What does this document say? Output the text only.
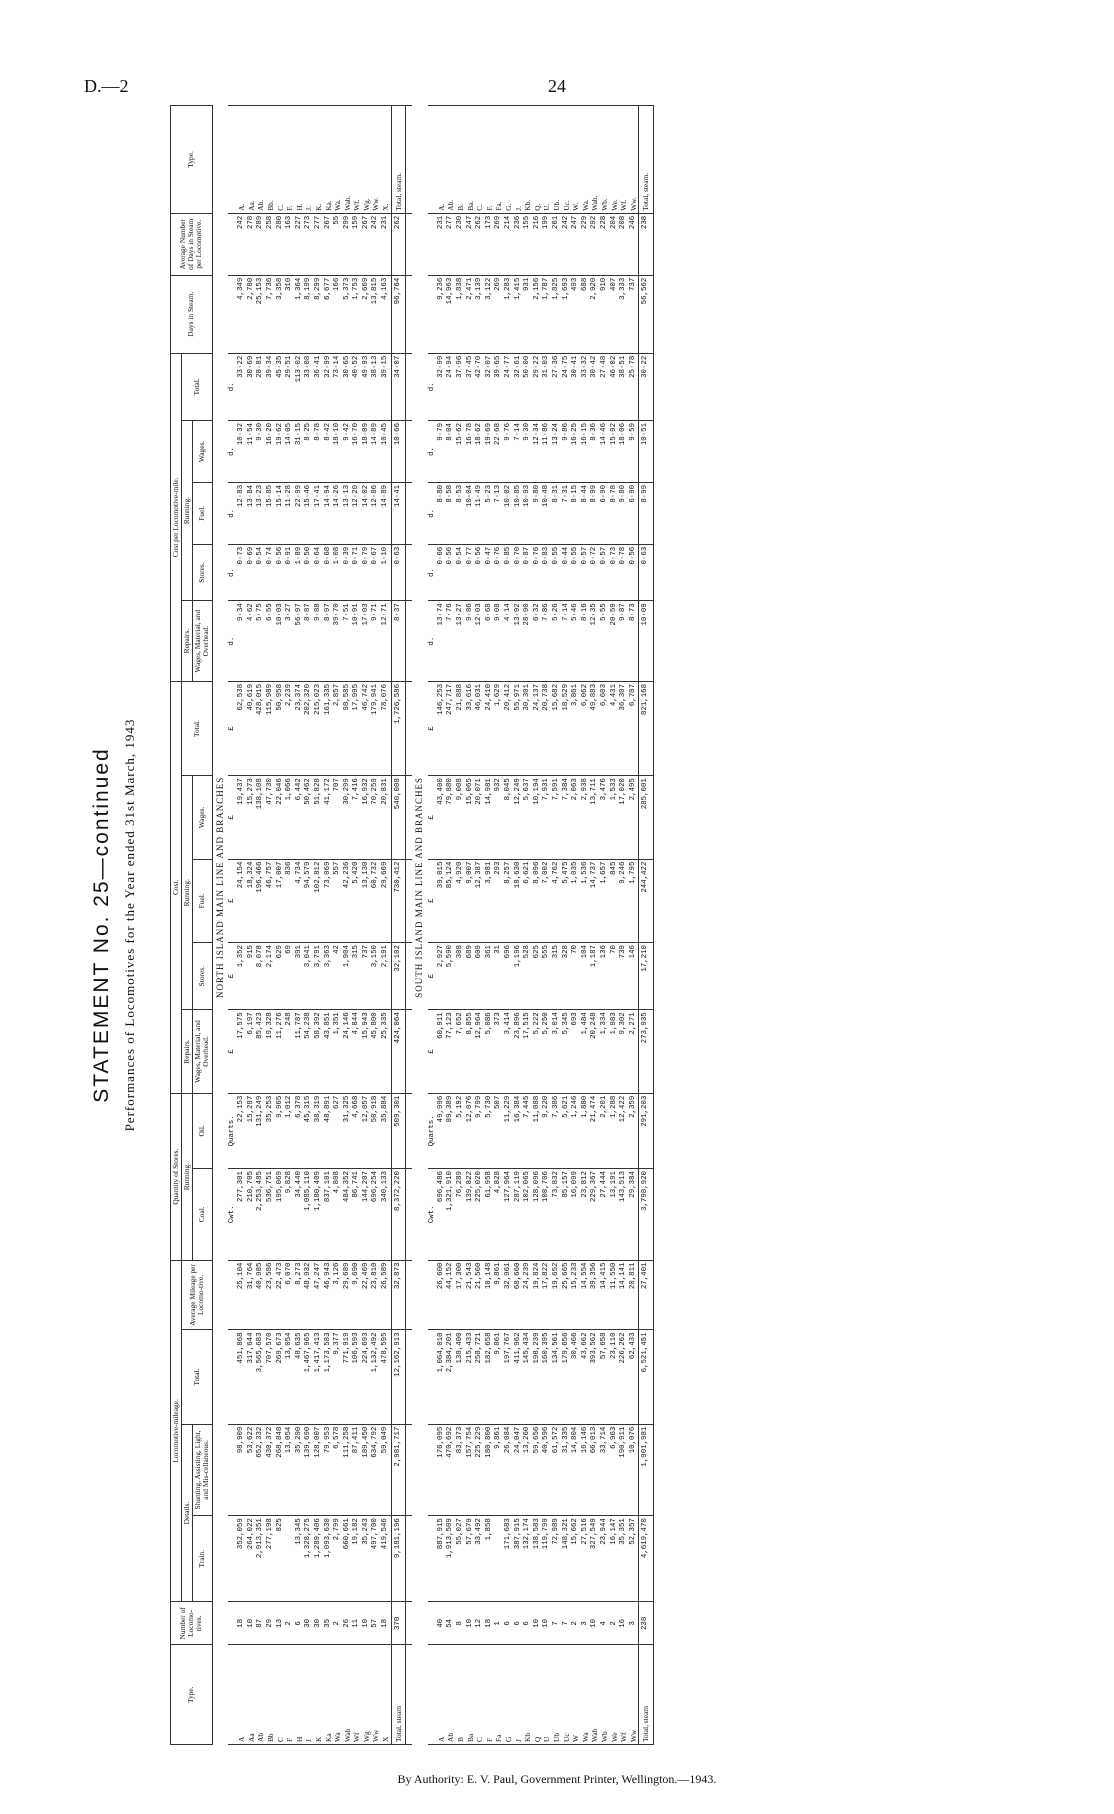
D.—2	24
STATEMENT No. 25—continued Performances of Locomotives for the Year ended 31st March, 1943
Type.	Number of Locomo-tives.	Locomotive-mileage.				Quantity of Stores.		Cost.					Cost per Locomotive-mile.					Days in Steam.	Average Number of Days in Steam per Locomotive.	Type.
		Details.		Total.	Average Mileage per Locomo-tive.	Running.		Repairs.	Running.			Total.	Repairs.	Running.			Total.			
		Train.	Shunting, Assisting, Light, and Mis-cellaneous.			Coal.	Oil.	Wages, Material, and Overhead.	Stores.	Fuel.	Wages.		Wages, Material, and Overhead.	Stores.	Fuel.	Wages.				
								NORTH ISLAND MAIN LINE AND BRANCHES												
						Cwt.	Quarts.	£	£	£	£	£	d.	d.	d.	d.	d.			
A	18	352,059	98,909	451,868	25,104	277,301	22,153	17,575	1,352	24,154	19,437	62,538	9·34	0·73	12·83	10·32	33·22	4,349	242	A.
Aa	10	264,022	53,622	317,644	31,764	210,705	15,287	6,197	915	18,324	15,273	40,619	4·62	0·69	13·84	11·54	30·69	2,780	278	Aa.
Ab	87	2,913,351	652,332	3,565,683	40,985	2,253,485	131,249	85,423	8,078	196,466	138,108	428,015	5·75	0·54	13·23	9·30	28·81	25,153	289	Ab.
Bb	29	277,198	430,372	707,570	23,586	536,751	35,253	19,328	2,174	46,757	47,730	115,989	6·55	0·74	15·85	16·20	39·34	7,736	258	Bb.
C	13	825	268,848	269,673	22,473	195,069	9,965	11,276	629	17,007	22,046	50,958	10·03	0·56	15·14	19·62	45·35	3,358	280	C.
F	2		13,054	13,054	6,070	9,828	1,012	248	69	836	1,066	2,239	3·27	0·91	11·28	14·05	29·51	310	163	F.
H	6	13,345	35,290	48,635	8,273	34,440	6,378	11,787	391	4,734	6,442	23,374	56·97	1·89	22·99	31·15	113·02	1,364	227	H.
J	30	1,328,275	139,690	1,467,965	48,932	1,085,110	45,315	54,238	3,041	94,579	50,462	202,320	8·87	0·50	15·46	8·25	33·08	8,199	273	J.
K	30	1,289,406	128,007	1,417,413	47,247	1,180,409	38,319	58,392	3,791	102,812	51,828	215,023	9·88	0·64	17·41	8·78	36·41	8,299	277	K.
Ka	35	1,093,630	79,953	1,173,583	46,943	837,101	48,891	43,851	3,363	73,069	41,172	161,335	8·97	0·68	14·94	8·42	32·99	6,677	267	Ka.
Wa	2	2,799	6,578	9,377	3,126	4,808	627	1,351	42	557	707	2,857	39·70	1·08	14·26	18·10	73·14	166	55	Wa.
Wab	26	660,661	111,258	771,919	29,689	484,352	31,325	24,146	1,904	42,236	30,299	98,585	7·51	0·39	13·13	9·42	30·65	5,373	299	Wab.
Wf	11	19,182	87,411	106,593	9,690	86,741	4,668	4,844	315	5,420	7,416	17,995	10·91	0·71	12·20	16·70	40·52	1,753	159	Wf.
Wg	10	35,243	189,450	224,693	22,469	144,207	12,057	15,943	737	13,130	16,932	46,742	17·03	0·79	14·02	18·09	49·93	2,669	267	Wg.
Ww	57	497,700	634,792	1,132,492	23,810	696,254	50,918	45,800	3,150	60,732	70,259	179,941	9·71	0·67	12·86	14·89	38·13	13,815	242	Ww.
X	18	419,546	59,049	478,595	26,589	340,133	35,884	25,335	2,191	29,669	20,831	78,076	12·71	1·10	14·89	10·45	39·15	4,163	231	X.
Total, steam	370	9,181,196	2,981,717	12,162,913	32,873	8,372,220	509,301	424,064	32,102	730,412	540,008	1,726,586	8·37	0·63	14·41	10·66	34·07	96,764	262	Total, steam.

								SOUTH ISLAND MAIN LINE AND BRANCHES												
						Cwt.	Quarts.	£	£	£	£	£	d.	d.	d.	d.	d.			
A	40	887,915	176,095	1,064,010	26,600	696,486	49,996	60,911	2,927	39,015	43,400	146,253	13·74	0·66	8·80	9·79	32·99	9,236	231	A.
Ab	54	1,913,509	470,692	2,384,201	44,152	1,321,910	89,389	77,123	5,590	85,124	79,880	247,717	7·76	0·56	8·58	8·04	24·94	14,963	277	Ab.
B	8	55,027	83,373	138,400	17,300	76,289	5,192	7,652	308	4,920	9,008	21,888	13·27	0·54	8·53	15·62	37·96	1,838	230	B.
Ba	10	57,679	157,754	215,433	21,543	139,822	12,076	8,855	689	9,007	15,065	33,616	9·86	0·77	10·04	16·78	37·45	2,471	247	Ba.
C	12	33,492	225,229	258,721	21,560	225,020	9,799	12,964	609	12,387	20,071	46,031	12·03	0·56	11·49	18·62	42·70	3,139	262	C.
F	18	1,858	180,800	182,658	10,148	61,958	5,730	5,086	361	3,981	14,981	24,410	6·68	0·47	5·23	19·69	32·07	3,122	173	F.
Fa	1		9,861	9,861	9,861	4,828	507	373	31	293	932	1,629	9·08	0·76	7·13	22·68	39·65	269	269	Fa.
G	6	171,683	26,084	197,767	32,961	127,964	11,229	3,414	696	8,257	8,045	20,412	4·14	0·85	10·02	9·76	24·77	1,283	214	G.
J	6	387,915	24,047	411,962	68,660	287,119	16,384	23,896	1,196	18,630	12,249	55,971	13·92	0·70	10·85	7·14	32·61	1,415	236	J.
Kb	6	132,174	13,260	145,434	24,239	102,065	7,445	17,515	528	6,621	5,637	30,301	28·90	0·87	10·93	9·30	50·00	931	155	Kb.
Q	10	138,583	59,656	198,239	19,824	128,096	11,088	5,222	625	8,096	10,194	24,137	6·32	0·76	9·80	12·34	29·22	2,156	216	Q.
U	10	119,799	40,596	160,395	17,822	108,706	9,220	5,250	555	7,002	7,931	20,738	7·86	0·83	10·48	11·86	31·03	1,787	199	U.
Ub	7	72,989	61,572	134,561	19,652	73,832	7,386	3,014	315	4,762	7,591	15,682	5·26	0·55	8·31	13·24	27·36	1,825	261	Ub.
Uc	7	148,321	31,335	179,656	25,665	85,157	5,621	5,345	328	5,475	7,384	18,529	7·14	0·44	7·31	9·86	24·75	1,693	242	Uc.
W	2	15,662	14,804	30,466	15,233	16,099	1,246	693	70	1,035	2,063	3,861	5·46	0·55	8·15	16·25	30·41	493	247	W.
Wa	3	27,516	16,146	43,662	14,554	23,812	1,880	1,484	104	1,536	2,938	6,062	8·16	0·57	8·44	16·15	33·32	688	229	Wa.
Wab	10	327,549	66,013	393,562	39,356	229,367	21,474	20,248	1,187	14,737	13,711	49,883	12·35	0·72	8·99	8·36	30·42	2,920	292	Wab.
Wb	4	23,944	33,714	57,658	14,415	27,444	2,201	1,334	136	1,657	3,476	6,603	5·55	0·57	6·90	14·46	27·48	910	228	Wb.
We	2	16,147	6,963	23,110	11,550	13,191	1,288	1,983	70	845	1,533	4,431	20·59	0·73	8·78	15·92	46·02	407	204	We.
Wf	16	35,351	190,911	226,262	14,141	143,513	12,422	9,302	739	9,246	17,020	36,307	9·87	0·78	9·80	18·06	38·51	3,333	208	Wf.
Ww	3	52,357	10,076	62,433	20,811	29,384	2,359	2,271	146	1,795	2,495	6,707	8·73	0·56	6·90	9·59	25·78	737	246	Ww.
Total, steam	238	4,619,470	1,901,981	6,521,451	27,401	3,798,920	291,203	273,935	17,210	244,422	285,601	821,168	10·09	0·63	8·99	10·51	30·22	56,562	238	Total, steam.
By Authority: E. V. Paul, Government Printer, Wellington.—1943.
